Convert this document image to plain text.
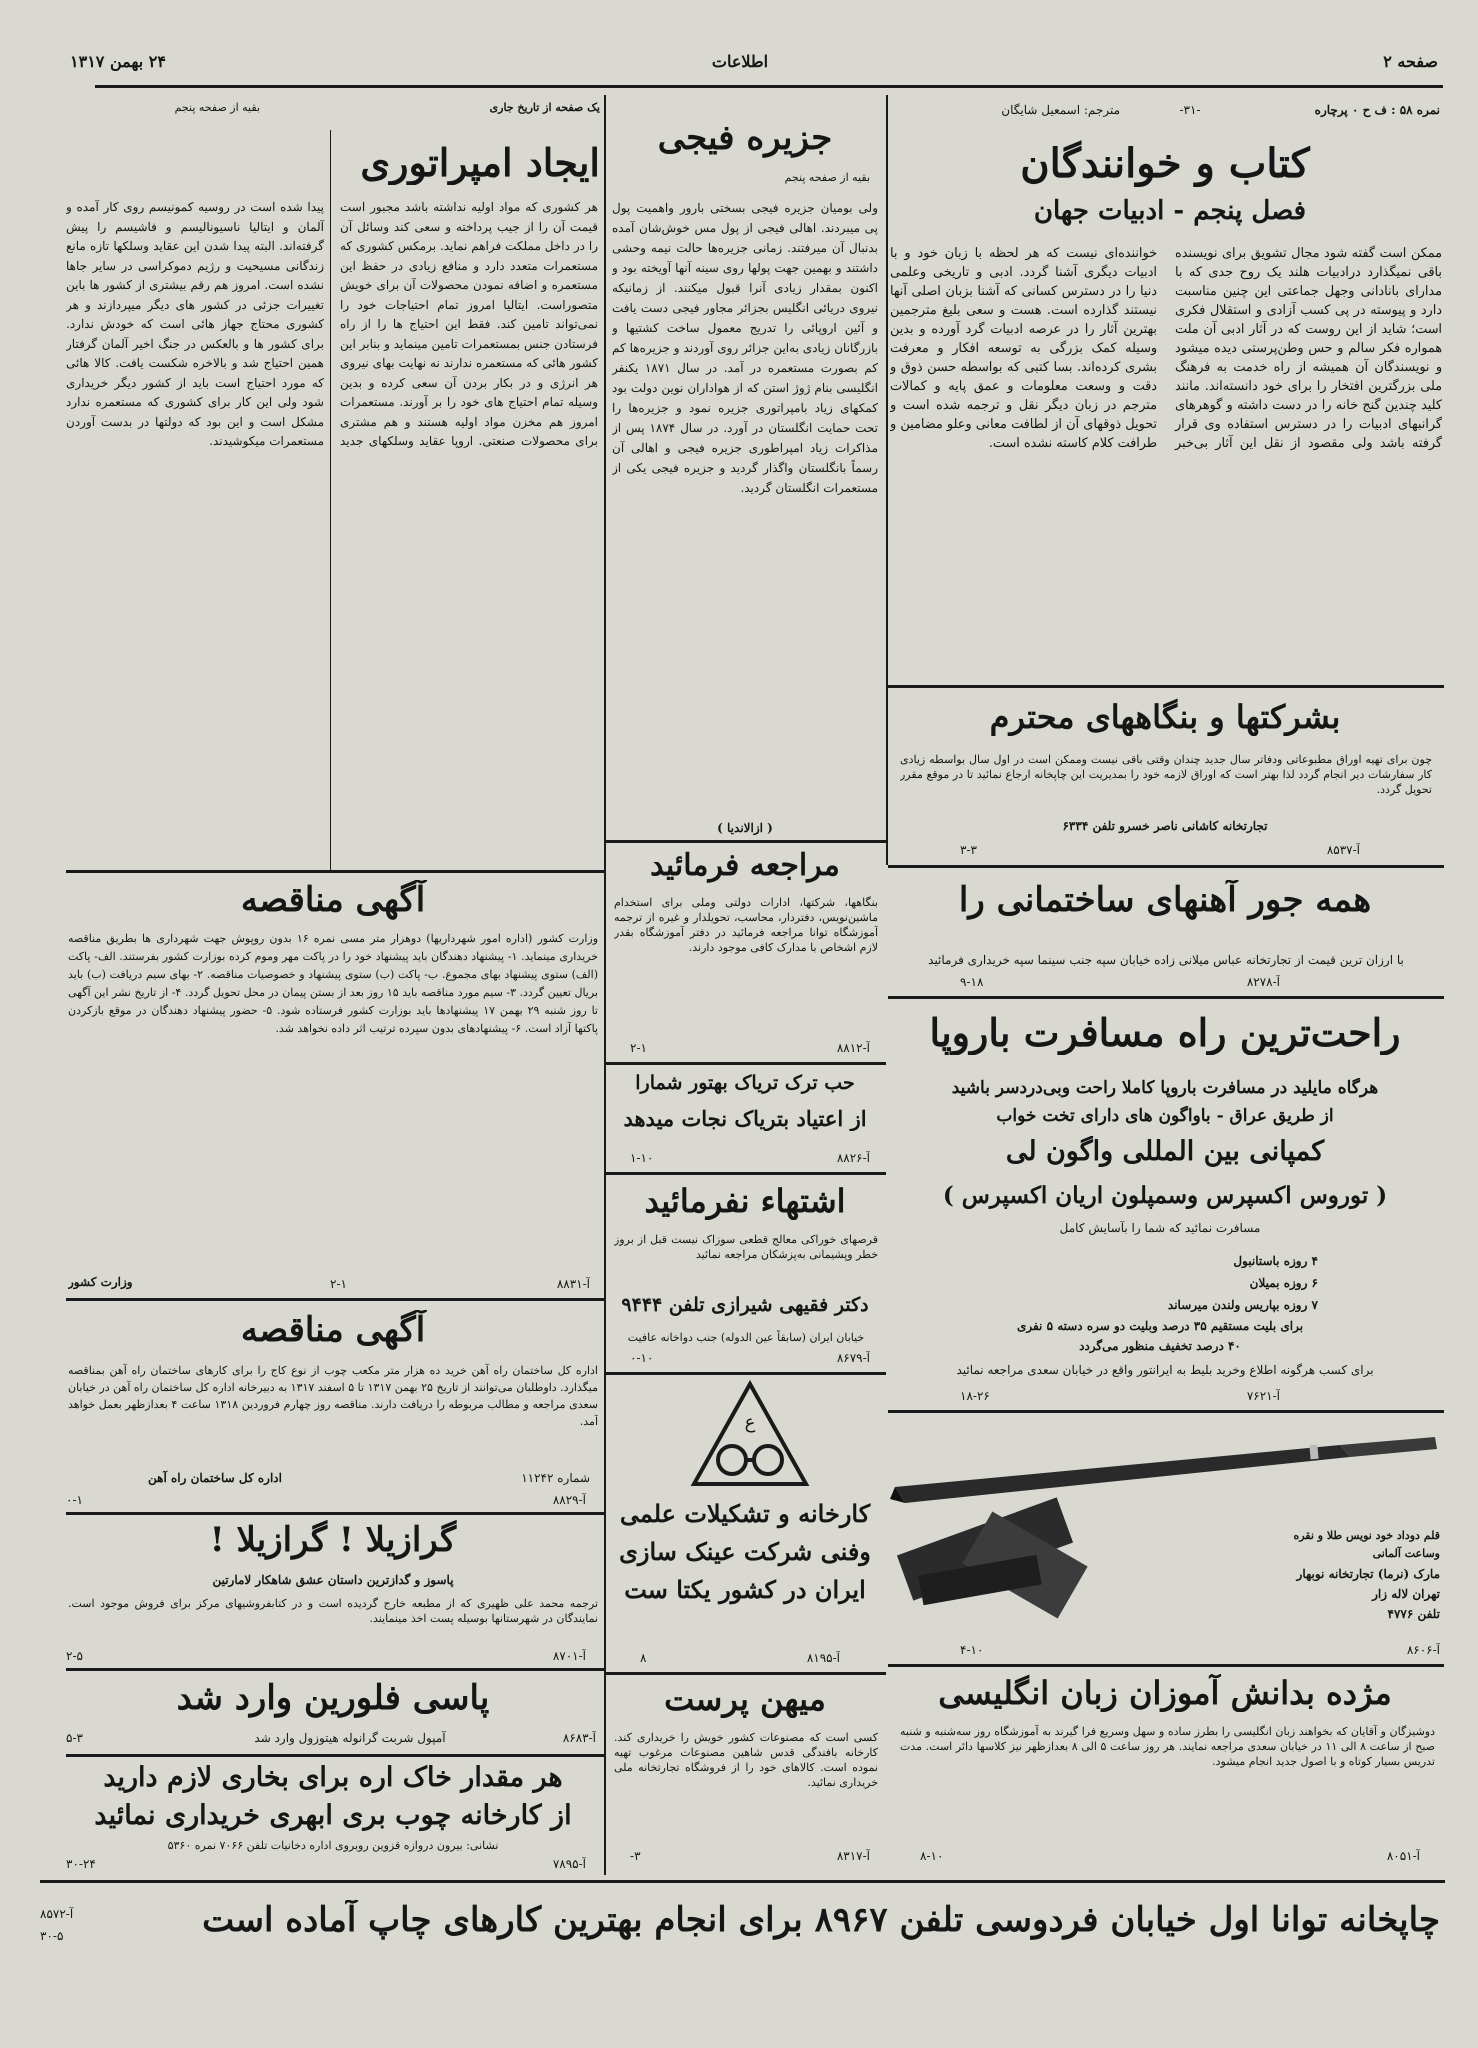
صفحه ۲
اطلاعات
۲۴ بهمن ۱۳۱۷
نمره ۵۸ : ف ح ٠ پرچاره
-۳۱-
مترجم: اسمعیل شایگان
کتاب و خوانندگان
فصل پنجم - ادبیات جهان
ممکن است گفته شود مجال تشویق برای نویسنده باقی نمیگذارد درادبیات هلند یک روح جدی که با مدارای بانادانی وجهل جماعتی این چنین مناسبت دارد و پیوسته در پی کسب آزادی و استقلال فکری است؛ شاید از این روست که در آثار ادبی آن ملت همواره فکر سالم و حس وطن‌پرستی دیده میشود و نویسندگان آن همیشه از راه خدمت به فرهنگ ملی بزرگترین افتخار را برای خود دانسته‌اند. مانند کلید چندین گنج خانه را در دست داشته و گوهرهای گرانبهای ادبیات را در دسترس استفاده وی قرار گرفته باشد ولی مقصود از نقل این آثار بی‌خبر خواننده‌ای نیست که هر لحظه با زبان خود و با ادبیات دیگری آشنا گردد. ادبی و تاریخی وعلمی دنیا را در دسترس کسانی که آشنا بزبان اصلی آنها نیستند گذارده است. هست و سعی بلیغ مترجمین بهترین آثار را در عرصه ادبیات گرد آورده و بدین وسیله کمک بزرگی به توسعه افکار و معرفت بشری کرده‌اند. بسا کتبی که بواسطه حسن ذوق و دقت و وسعت معلومات و عمق پایه و کمالات مترجم در زبان دیگر نقل و ترجمه شده است و تحویل ذوقهای آن از لطافت معانی وعلو مضامین و طرافت کلام کاسته نشده است.
بشرکتها و بنگاههای محترم
چون برای تهیه اوراق مطبوعاتی ودفاتر سال جدید چندان وقتی باقی نیست وممکن است در اول سال بواسطه زیادی کار سفارشات دیر انجام گردد لذا بهتر است که اوراق لازمه خود را بمدیریت این چاپخانه ارجاع نمائید تا در موقع مقرر تحویل گردد.
تجارتخانه کاشانی ناصر خسرو تلفن ۶۳۳۴
آ-۸۵۳۷
۳-۳
همه جور آهنهای ساختمانی را
با ارزان ترین قیمت از تجارتخانه عباس میلانی زاده خیابان سپه جنب سینما سپه خریداری فرمائید
آ-۸۲۷۸
۹-۱۸
راحت‌ترین راه مسافرت باروپا
هرگاه مایلید در مسافرت باروپا کاملا راحت وبی‌دردسر باشید
از طریق عراق - باواگون های دارای تخت خواب
کمپانی بین المللی واگون لی
( توروس اکسپرس وسمپلون اریان اکسپرس )
مسافرت نمائید که شما را بآسایش کامل
۴ روزه باستانبول
۶ روزه بمیلان
۷ روزه بپاریس ولندن میرساند
برای بلیت مستقیم ۳۵ درصد وبلیت دو سره دسته ۵ نفری
۴۰ درصد تخفیف منظور می‌گردد
برای کسب هرگونه اطلاع وخرید بلیط به ایرانتور واقع در خیابان سعدی مراجعه نمائید
آ-۷۶۲۱
۱۸-۲۶
قلم دوداد خود نویس طلا و نقره
وساعت آلمانی
مارک (نرما) تجارتخانه نوبهار
تهران لاله زار
تلفن ۴۷۷۶
آ-۸۶۰۶
۴-۱۰
مژده بدانش آموزان زبان انگلیسی
دوشیزگان و آقایان که بخواهند زبان انگلیسی را بطرز ساده و سهل وسریع فرا گیرند به آموزشگاه روز سه‌شنبه و شنبه صبح از ساعت ۸ الی ۱۱ در خیابان سعدی مراجعه نمایند. هر روز ساعت ۵ الی ۸ بعدازظهر نیز کلاسها دائر است. مدت تدریس بسیار کوتاه و با اصول جدید انجام میشود.
آ-۸۰۵۱
۸-۱۰
جزیره فیجی
بقیه از صفحه پنجم
ولی بومیان جزیره فیجی بسختی بارور واهمیت پول پی میبردند. اهالی فیجی از پول مس خوش‌شان آمده بدنبال آن میرفتند. زمانی جزیره‌ها حالت نیمه وحشی داشتند و بهمین جهت پولها روی سینه آنها آویخته بود و اکنون بمقدار زیادی آنرا قبول میکنند. از زمانیکه نیروی دریائی انگلیس بجزائر مجاور فیجی دست یافت و آئین اروپائی را تدریج معمول ساخت کشتیها و بازرگانان زیادی به‌این جزائر روی آوردند و جزیره‌ها کم کم بصورت مستعمره در آمد. در سال ۱۸۷۱ یکنفر انگلیسی بنام ژوژ استن که از هواداران نوین دولت بود کمکهای زیاد بامپراتوری جزیره نمود و جزیره‌ها را تحت حمایت انگلستان در آورد. در سال ۱۸۷۴ پس از مذاکرات زیاد امپراطوری جزیره فیجی و اهالی آن رسماً بانگلستان واگذار گردید و جزیره فیجی یکی از مستعمرات انگلستان گردید.
( ازالاندیا )
یک صفحه از تاریخ جاری
بقیه از صفحه پنجم
ایجاد امپراتوری
هر کشوری که مواد اولیه نداشته باشد مجبور است قیمت آن را از جیب پرداخته و سعی کند وسائل آن را در داخل مملکت فراهم نماید. برمکس کشوری که مستعمرات متعدد دارد و منافع زیادی در حفظ این مستعمره و اضافه نمودن محصولات آن برای خویش متصوراست. ایتالیا امروز تمام احتیاجات خود را نمی‌تواند تامین کند. فقط این احتیاج ها را از راه فرستادن جنس بمستعمرات تامین مینماید و بنابر این کشور هائی که مستعمره ندارند نه نهایت بهای نیروی هر انرژی و در بکار بردن آن سعی کرده و بدین وسیله تمام احتیاج های خود را بر آورند. مستعمرات امروز هم مخزن مواد اولیه هستند و هم مشتری برای محصولات صنعتی. اروپا عقاید وسلکهای جدید پیدا شده است در روسیه کمونیسم روی کار آمده و آلمان و ایتالیا ناسیونالیسم و فاشیسم را پیش گرفته‌اند. البته پیدا شدن این عقاید وسلکها تازه مانع زندگانی مسیحیت و رژیم دموکراسی در سایر جاها نشده است. امروز هم رقم بیشتری از کشور ها باین تغییرات جزئی در کشور های دیگر میپردازند و هر کشوری محتاج جهاز هائی است که خودش ندارد. برای کشور ها و بالعکس در جنگ اخیر آلمان گرفتار همین احتیاج شد و بالاخره شکست یافت. کالا هائی که مورد احتیاج است باید از کشور دیگر خریداری شود ولی این کار برای کشوری که مستعمره ندارد مشکل است و این بود که دولتها در بدست آوردن مستعمرات میکوشیدند.
مراجعه فرمائید
بنگاهها، شرکتها، ادارات دولتی وملی برای استخدام ماشین‌نویس، دفتردار، محاسب، تحویلدار و غیره از ترجمه آموزشگاه توانا مراجعه فرمائید در دفتر آموزشگاه بقدر لازم اشخاص با مدارک کافی موجود دارند.
آ-۸۸۱۲
۲-۱
حب ترک تریاک بهتور شمارا
از اعتیاد بتریاک نجات میدهد
آ-۸۸۲۶
۱-۱۰
اشتهاء نفرمائید
قرصهای خوراکی معالج قطعی سوزاک نیست قبل از بروز خطر وپشیمانی به‌پزشکان مراجعه نمائید
دکتر فقیهی شیرازی تلفن ۹۴۴۴
خیابان ایران (سابقاً عین الدوله) جنب دواخانه عافیت
آ-۸۶۷۹
۰-۱۰
ع
کارخانه و تشکیلات علمی وفنی شرکت عینک سازی ایران در کشور یکتا ست
آ-۸۱۹۵
۸
میهن پرست
کسی است که مصنوعات کشور خویش را خریداری کند. کارخانه بافندگی قدس شاهین مصنوعات مرغوب تهیه نموده است. کالاهای خود را از فروشگاه تجارتخانه ملی خریداری نمائید.
آ-۸۳۱۷
۳-
آگهی مناقصه
وزارت کشور (اداره امور شهرداریها) دوهزار متر مسی نمره ۱۶ بدون روپوش جهت شهرداری ها بطریق مناقصه خریداری مینماید. ۱- پیشنهاد دهندگان باید پیشنهاد خود را در پاکت مهر وموم کرده بوزارت کشور بفرستند. الف- پاکت (الف) ستوی پیشنهاد بهای مجموع. ب- پاکت (ب) ستوی پیشنهاد و خصوصیات مناقصه. ۲- بهای سیم دریافت (ب) باید بریال تعیین گردد. ۳- سیم مورد مناقصه باید ۱۵ روز بعد از بستن پیمان در محل تحویل گردد. ۴- از تاریخ نشر این آگهی تا روز شنبه ۲۹ بهمن ۱۷ پیشنهادها باید بوزارت کشور فرستاده شود. ۵- حضور پیشنهاد دهندگان در موقع بازکردن پاکتها آزاد است. ۶- پیشنهادهای بدون سپرده ترتیب اثر داده نخواهد شد.
وزارت کشور	آ-۸۸۳۱
۲-۱
آگهی مناقصه
اداره کل ساختمان راه آهن خرید ده هزار متر مکعب چوب از نوع کاج را برای کارهای ساختمان راه آهن بمناقصه میگذارد. داوطلبان می‌توانند از تاریخ ۲۵ بهمن ۱۳۱۷ تا ۵ اسفند ۱۳۱۷ به دبیرخانه اداره کل ساختمان راه آهن در خیابان سعدی مراجعه و مطالب مربوطه را دریافت دارند. مناقصه روز چهارم فروردین ۱۳۱۸ ساعت ۴ بعدازظهر بعمل خواهد آمد.
اداره کل ساختمان راه آهن	شماره ۱۱۲۴۲
آ-۸۸۲۹
۰-۱
گرازیلا ! گرازیلا !
پاسوز و گدازترین داستان عشق شاهکار لامارتین
ترجمه محمد علی ظهیری که از مطبعه خارج گردیده است و در کتابفروشیهای مرکز برای فروش موجود است. نمایندگان در شهرستانها بوسیله پست اخذ مینمایند.
آ-۸۷۰۱
۲-۵
پاسی فلورین وارد شد
آمپول شربت گرانوله هیتوزول وارد شد	آ-۸۶۸۳
۵-۳
هر مقدار خاک اره برای بخاری لازم دارید
از کارخانه چوب بری ابهری خریداری نمائید
نشانی: بیرون دروازه قزوین روبروی اداره دخانیات تلفن ۷۰۶۶ نمره ۵۳۶۰
آ-۷۸۹۵
۳۰-۲۴
چاپخانه توانا اول خیابان فردوسی تلفن ۸۹۶۷ برای انجام بهترین کارهای چاپ آماده است
آ-۸۵۷۲
۳۰-۵
